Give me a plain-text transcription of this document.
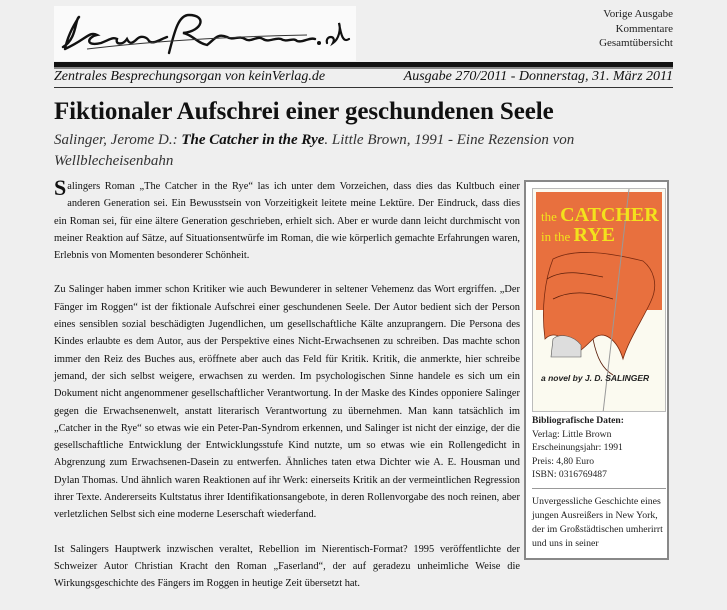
Vorige Ausgabe
Kommentare
Gesamtübersicht
Zentrales Besprechungsorgan von keinVerlag.de	Ausgabe 270/2011 - Donnerstag, 31. März 2011
Fiktionaler Aufschrei einer geschundenen Seele
Salinger, Jerome D.: The Catcher in the Rye. Little Brown, 1991 - Eine Rezension von Wellblecheisenbahn

Salingers Roman „The Catcher in the Rye“ las ich unter dem Vorzeichen, dass dies das Kultbuch einer anderen Generation sei. Ein Bewusstsein von Vorzeitigkeit leitete meine Lektüre. Der Eindruck, dass dies ein Roman sei, für eine ältere Generation geschrieben, erhielt sich. Aber er wurde dann leicht durchmischt von meiner Reaktion auf Sätze, auf Situationsentwürfe im Roman, die wie körperlich gemachte Erfahrungen waren, Erlebnis von Momenten besonderer Schönheit.

Zu Salinger haben immer schon Kritiker wie auch Bewunderer in seltener Vehemenz das Wort ergriffen. „Der Fänger im Roggen“ ist der fiktionale Aufschrei einer geschundenen Seele. Der Autor bedient sich der Person eines sensiblen sozial beschädigten Jugendlichen, um gesellschaftliche Kälte anzuprangern. Die Persona des Kindes erlaubte es dem Autor, aus der Perspektive eines Nicht-Erwachsenen zu schreiben. Das machte schon immer den Reiz des Buches aus, eröffnete aber auch das Feld für Kritik. Kritik, die anmerkte, hier schreibe jemand, der sich selbst weigere, erwachsen zu werden. Im psychologischen Sinne handele es sich um ein Dokument nicht angenommener gesellschaftlicher Verantwortung. In der Maske des Kindes opponiere Salinger gegen die Erwachsenenwelt, anstatt literarisch Verantwortung zu übernehmen. Man kann tatsächlich im „Catcher in the Rye“ so etwas wie ein Peter-Pan-Syndrom erkennen, und Salinger ist nicht der einzige, der die gesellschaftliche Entwicklung der Entwicklungsstufe Kind nutzte, um so etwas wie ein Rollengedicht in Abgrenzung zum Erwachsenen-Dasein zu entwerfen. Ähnliches taten etwa Dichter wie A. E. Housman und Dylan Thomas. Und ähnlich waren Reaktionen auf ihr Werk: einerseits Kritik an der vermeintlichen Regression ihrer Texte. Andererseits Kultstatus ihrer Identifikationsangebote, in deren Rollenvorgabe des noch reinen, aber verletzlichen Selbst sich eine moderne Leserschaft wiederfand.

Ist Salingers Hauptwerk inzwischen veraltet, Rebellion im Nierentisch-Format? 1995 veröffentlichte der Schweizer Autor Christian Kracht den Roman „Faserland“, der auf geradezu unheimliche Weise die Wirkungsgeschichte des Fängers im Roggen in heutige Zeit übersetzt hat.

the CATCHER
in the RYE
a novel by J. D. SALINGER
Bibliografische Daten:
Verlag: Little Brown
Erscheinungsjahr: 1991
Preis: 4,80 Euro
ISBN: 0316769487
Unvergessliche Geschichte eines jungen Ausreißers in New York, der im Großstädtischen umherirrt und uns in seiner
